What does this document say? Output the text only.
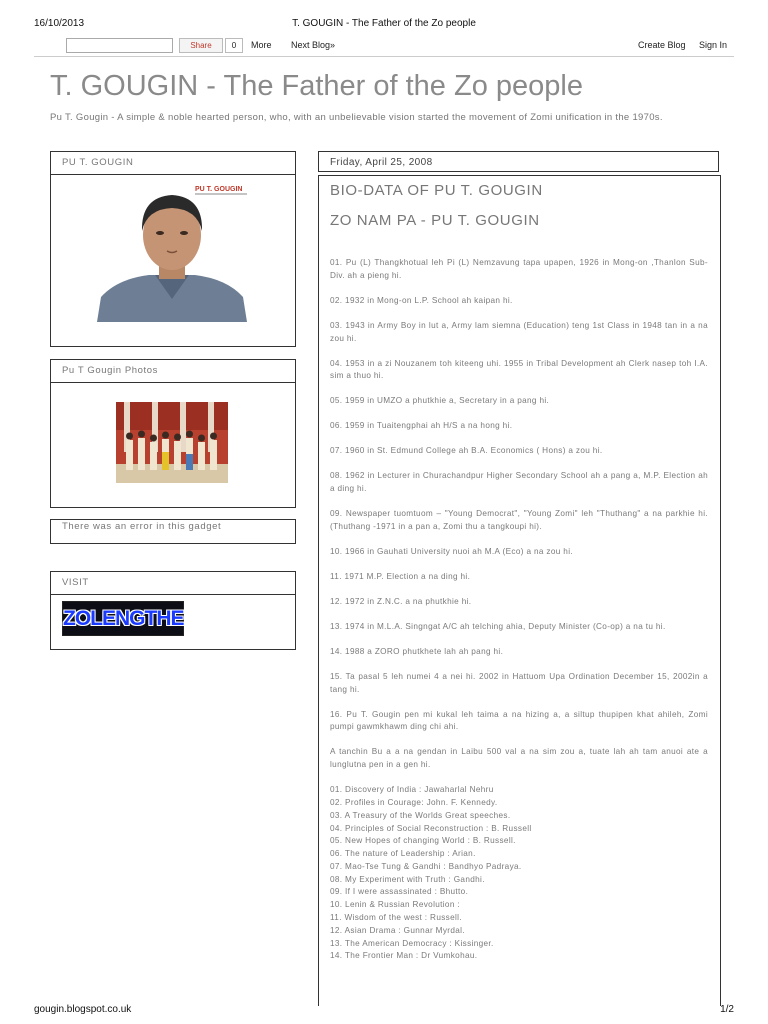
16/10/2013	T. GOUGIN - The Father of the Zo people
Share	0	More Next Blog»	Create Blog Sign In
T. GOUGIN - The Father of the Zo people
Pu T. Gougin - A simple & noble hearted person, who, with an unbelievable vision started the movement of Zomi unification in the 1970s.
PU T. GOUGIN
PU T. GOUGIN
Pu T Gougin Photos
There was an error in this gadget
VISIT
ZOLENGTHE
Friday, April 25, 2008
BIO-DATA OF PU T. GOUGIN
ZO NAM PA - PU T. GOUGIN

01. Pu (L) Thangkhotual leh Pi (L) Nemzavung tapa upapen, 1926 in Mong-on ,Thanlon Sub-Div. ah a pieng hi.

02. 1932 in Mong-on L.P. School ah kaipan hi.

03. 1943 in Army Boy in lut a, Army lam siemna (Education) teng 1st Class in 1948 tan in a na zou hi.

04. 1953 in a zi Nouzanem toh kiteeng uhi. 1955 in Tribal Development ah Clerk nasep toh I.A. sim a thuo hi.

05. 1959 in UMZO a phutkhie a, Secretary in a pang hi.

06. 1959 in Tuaitengphai ah H/S a na hong hi.

07. 1960 in St. Edmund College ah B.A. Economics ( Hons) a zou hi.

08. 1962 in Lecturer in Churachandpur Higher Secondary School ah a pang a, M.P. Election ah a ding hi.

09. Newspaper tuomtuom – "Young Democrat", "Young Zomi" leh "Thuthang" a na parkhie hi. (Thuthang -1971 in a pan a, Zomi thu a tangkoupi hi).

10. 1966 in Gauhati University nuoi ah M.A (Eco) a na zou hi.

11. 1971 M.P. Election a na ding hi.

12. 1972 in Z.N.C. a na phutkhie hi.

13. 1974 in M.L.A. Singngat A/C ah telching ahia, Deputy Minister (Co-op) a na tu hi.

14. 1988 a ZORO phutkhete lah ah pang hi.

15. Ta pasal 5 leh numei 4 a nei hi. 2002 in Hattuom Upa Ordination December 15, 2002in a tang hi.

16. Pu T. Gougin pen mi kukal leh taima a na hizing a, a siltup thupipen khat ahileh, Zomi pumpi gawmkhawm ding chi ahi.

A tanchin Bu a a na gendan in Laibu 500 val a na sim zou a, tuate lah ah tam anuoi ate a lunglutna pen in a gen hi.

01. Discovery of India : Jawaharlal Nehru
02. Profiles in Courage: John. F. Kennedy.
03. A Treasury of the Worlds Great speeches.
04. Principles of Social Reconstruction : B. Russell
05. New Hopes of changing World : B. Russell.
06. The nature of Leadership : Arian.
07. Mao-Tse Tung & Gandhi : Bandhyo Padraya.
08. My Experiment with Truth : Gandhi.
09. If I were assassinated : Bhutto.
10. Lenin & Russian Revolution :
11. Wisdom of the west : Russell.
12. Asian Drama : Gunnar Myrdal.
13. The American Democracy : Kissinger.
14. The Frontier Man : Dr Vumkohau.
gougin.blogspot.co.uk	1/2
